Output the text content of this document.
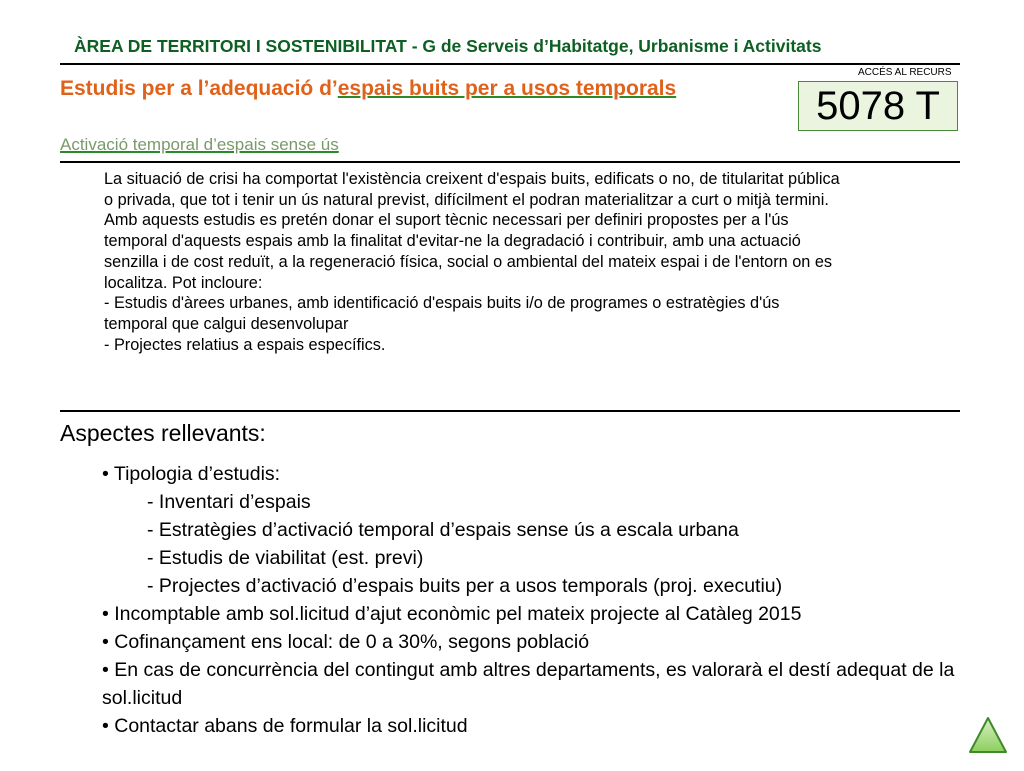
ÀREA DE TERRITORI I SOSTENIBILITAT - G de Serveis d’Habitatge, Urbanisme i Activitats
ACCÉS AL RECURS
5078 T
Estudis per a l’adequació d’espais buits per a usos temporals
Activació temporal d’espais sense ús

La situació de crisi ha comportat l'existència creixent d'espais buits, edificats o no, de titularitat pública

o privada, que tot i tenir un ús natural previst, difícilment el podran materialitzar a curt o mitjà termini.

Amb aquests estudis es pretén donar el suport tècnic necessari per definiri propostes per a l'ús

temporal d'aquests espais amb la finalitat d'evitar-ne la degradació i contribuir, amb una actuació

senzilla i de cost reduït, a la regeneració física, social o ambiental del mateix espai i de l'entorn on es

localitza. Pot incloure:

- Estudis d'àrees urbanes, amb identificació d'espais buits i/o de programes o estratègies d'ús

temporal que calgui desenvolupar

- Projectes relatius a espais específics.

Aspectes rellevants:
• Tipologia d’estudis:
- Inventari d’espais
- Estratègies d’activació temporal d’espais sense ús a escala urbana
- Estudis de viabilitat (est. previ)
- Projectes d’activació d’espais buits per a usos temporals (proj. executiu)
• Incomptable amb sol.licitud d’ajut econòmic pel mateix projecte al Catàleg 2015
• Cofinançament ens local: de 0 a 30%, segons població
• En cas de concurrència del contingut amb altres departaments, es valorarà el destí adequat de la sol.licitud
• Contactar abans de formular la sol.licitud
